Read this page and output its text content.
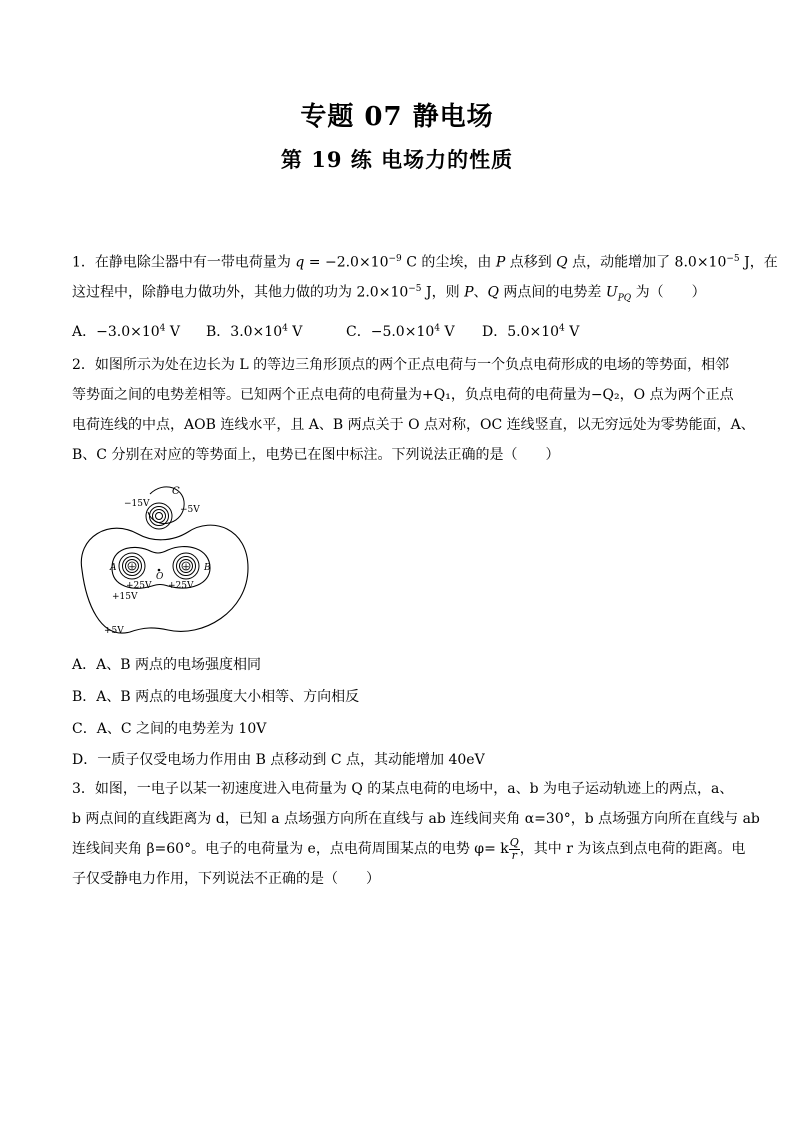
专题 07 静电场
第 19 练 电场力的性质
1．在静电除尘器中有一带电荷量为 $q = -2.0\times 10^{-9}$ C 的尘埃，由 P 点移到 Q 点，动能增加了 $8.0\times 10^{-5}$ J，在
这过程中，除静电力做功外，其他力做的功为 $2.0\times 10^{-5}$ J，则 P、Q 两点间的电势差 $U_{PQ}$ 为（　　）
A．$-3.0\times 10^4$ V B．$3.0\times 10^4$ V	C．$-5.0\times 10^4$ V D．$5.0\times 10^4$ V
2．如图所示为处在边长为 L 的等边三角形顶点的两个正点电荷与一个负点电荷形成的电场的等势面，相邻
等势面之间的电势差相等。已知两个正点电荷的电荷量为+Q₁，负点电荷的电荷量为−Q₂，O 点为两个正点
电荷连线的中点，AOB 连线水平，且 A、B 两点关于 O 点对称，OC 连线竖直，以无穷远处为零势能面，A、
B、C 分别在对应的等势面上，电势已在图中标注。下列说法正确的是（　　）
+	+
C
−15V
−5V
A	B
O
+25V +25V
+15V
+5V
A．A、B 两点的电场强度相同
B．A、B 两点的电场强度大小相等、方向相反
C．A、C 之间的电势差为 10V
D．一质子仅受电场力作用由 B 点移动到 C 点，其动能增加 40eV
3．如图，一电子以某一初速度进入电荷量为 Q 的某点电荷的电场中，a、b 为电子运动轨迹上的两点，a、
b 两点间的直线距离为 d，已知 a 点场强方向所在直线与 ab 连线间夹角 α=30°，b 点场强方向所在直线与 ab
连线间夹角 β=60°。电子的电荷量为 e，点电荷周围某点的电势 φ= k $\frac{Q}{r}$ ，其中 r 为该点到点电荷的距离。电
子仅受静电力作用，下列说法不正确的是（　　）
